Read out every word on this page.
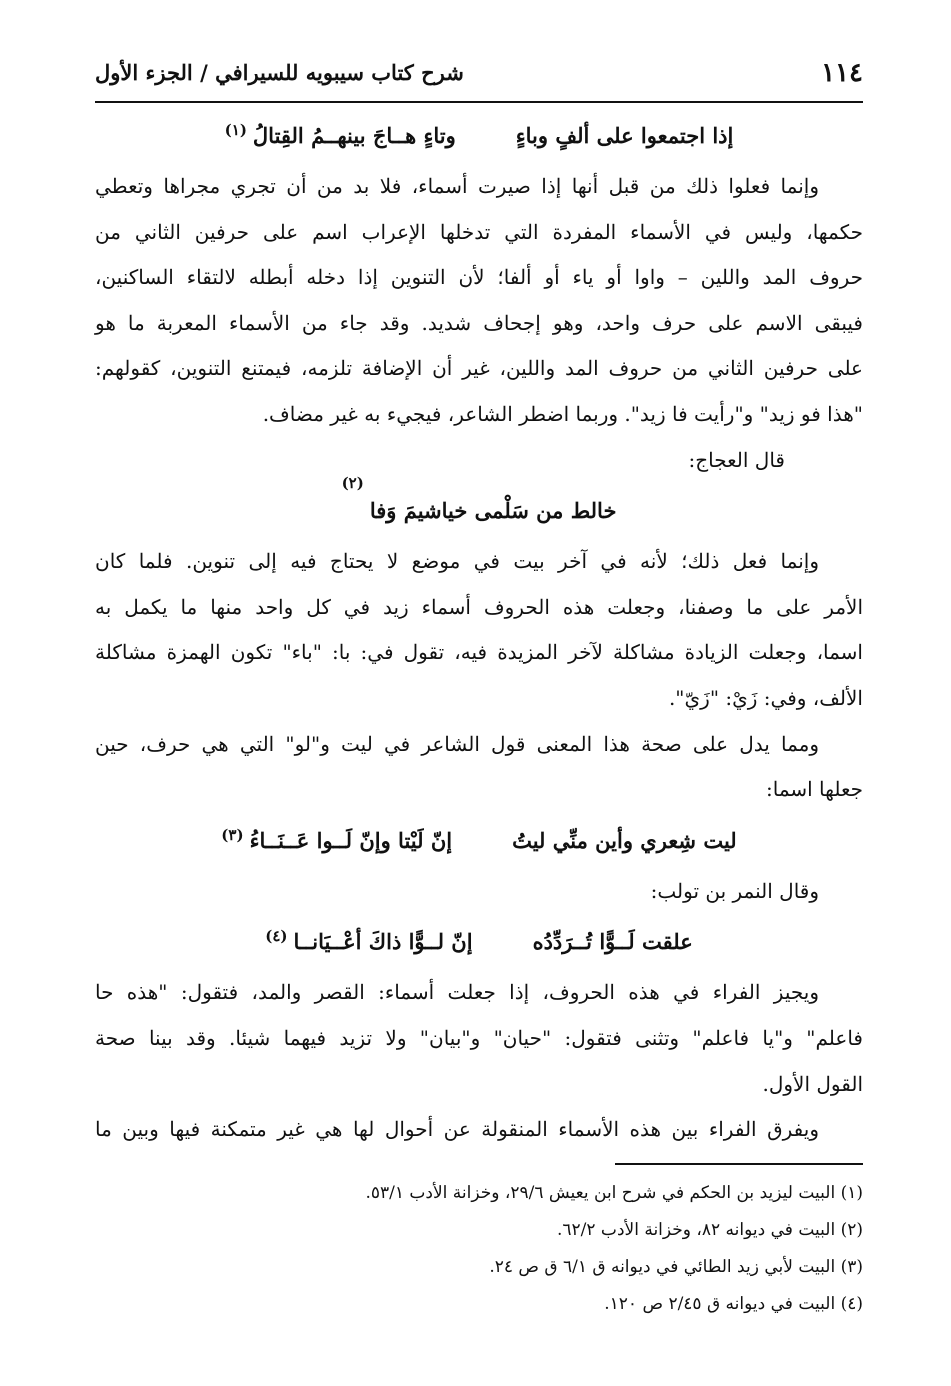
١١٤
شرح كتاب سيبويه للسيرافي / الجزء الأول
إذا اجتمعوا على ألفٍ وباءٍ
وتاءٍ هــاجَ بينهــمُ القِتالُ$^{(١)}$
وإنما فعلوا ذلك من قبل أنها إذا صيرت أسماء، فلا بد من أن تجري مجراها وتعطي
حكمها، وليس في الأسماء المفردة التي تدخلها الإعراب اسم على حرفين الثاني من
حروف المد واللين – واوا أو ياء أو ألفا؛ لأن التنوين إذا دخله أبطله لالتقاء الساكنين،
فيبقى الاسم على حرف واحد، وهو إجحاف شديد. وقد جاء من الأسماء المعربة ما هو
على حرفين الثاني من حروف المد واللين، غير أن الإضافة تلزمه، فيمتنع التنوين، كقولهم:
"هذا فو زيد" و"رأيت فا زيد". وربما اضطر الشاعر، فيجيء به غير مضاف.
قال العجاج:
خالط من سَلْمى خياشيمَ وَفا
(٢)
وإنما فعل ذلك؛ لأنه في آخر بيت في موضع لا يحتاج فيه إلى تنوين. فلما كان
الأمر على ما وصفنا، وجعلت هذه الحروف أسماء زيد في كل واحد منها ما يكمل به
اسما، وجعلت الزيادة مشاكلة لآخر المزيدة فيه، تقول في: با: "باء" تكون الهمزة مشاكلة
الألف، وفي: زَيْ: "زَيّ".
ومما يدل على صحة هذا المعنى قول الشاعر في ليت و"لو" التي هي حرف، حين
جعلها اسما:
ليت شِعري وأين منِّي ليتُ
إنّ لَيْتا وإنّ لَــوا عَــنَــاءُ$^{(٣)}$
وقال النمر بن تولب:
علقت لَــوًّا تُــرَدِّدُه
إنّ لــوًّا ذاكَ أعْــيَانــا$^{(٤)}$
ويجيز الفراء في هذه الحروف، إذا جعلت أسماء: القصر والمد، فتقول: "هذه حا
فاعلم" و"يا فاعلم" وتثنى فتقول: "حيان" و"بيان" ولا تزيد فيهما شيئا. وقد بينا صحة
القول الأول.
ويفرق الفراء بين هذه الأسماء المنقولة عن أحوال لها هي غير متمكنة فيها وبين ما
(١) البيت ليزيد بن الحكم في شرح ابن يعيش ٢٩/٦، وخزانة الأدب ٥٣/١.
(٢) البيت في ديوانه ٨٢، وخزانة الأدب ٦٢/٢.
(٣) البيت لأبي زيد الطائي في ديوانه ق ٦/١ ق ص ٢٤.
(٤) البيت في ديوانه ق ٢/٤٥ ص ١٢٠.
